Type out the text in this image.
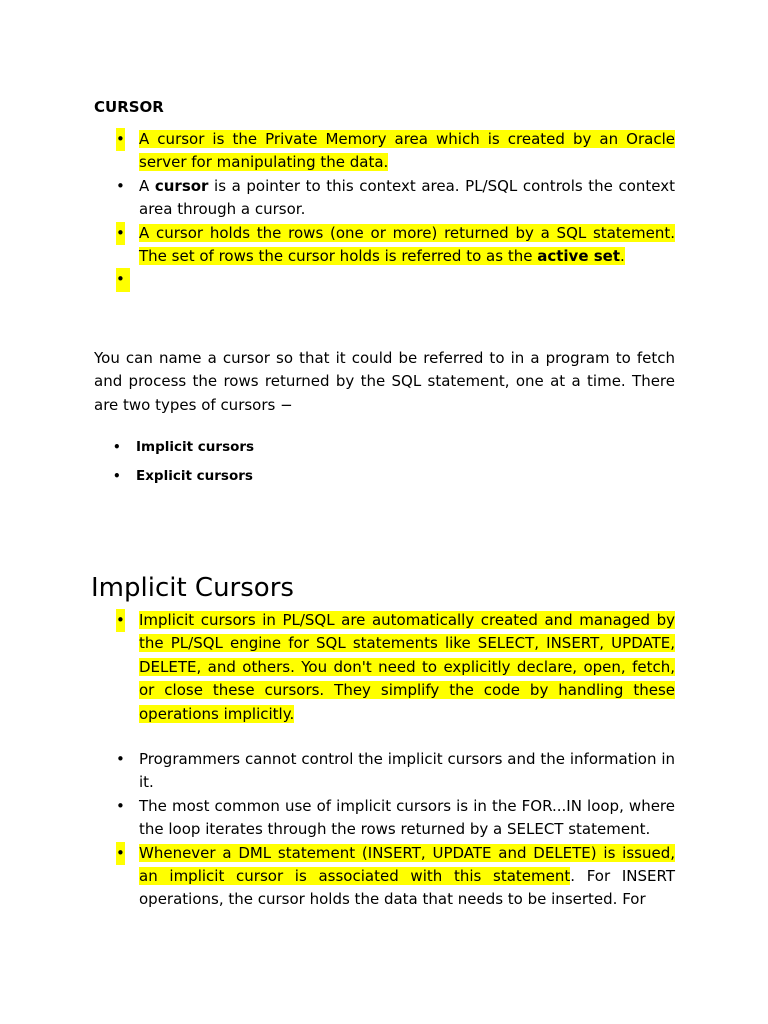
CURSOR
• A cursor is the Private Memory area which is created by an Oracle server for manipulating the data.
• A cursor is a pointer to this context area. PL/SQL controls the context area through a cursor.
• A cursor holds the rows (one or more) returned by a SQL statement. The set of rows the cursor holds is referred to as the active set.
•

You can name a cursor so that it could be referred to in a program to fetch and process the rows returned by the SQL statement, one at a time. There are two types of cursors −

• Implicit cursors
• Explicit cursors
Implicit Cursors
• Implicit cursors in PL/SQL are automatically created and managed by the PL/SQL engine for SQL statements like SELECT, INSERT, UPDATE, DELETE, and others. You don't need to explicitly declare, open, fetch, or close these cursors. They simplify the code by handling these operations implicitly.
• Programmers cannot control the implicit cursors and the information in it.
• The most common use of implicit cursors is in the FOR...IN loop, where the loop iterates through the rows returned by a SELECT statement.
• Whenever a DML statement (INSERT, UPDATE and DELETE) is issued, an implicit cursor is associated with this statement. For INSERT operations, the cursor holds the data that needs to be inserted. For
